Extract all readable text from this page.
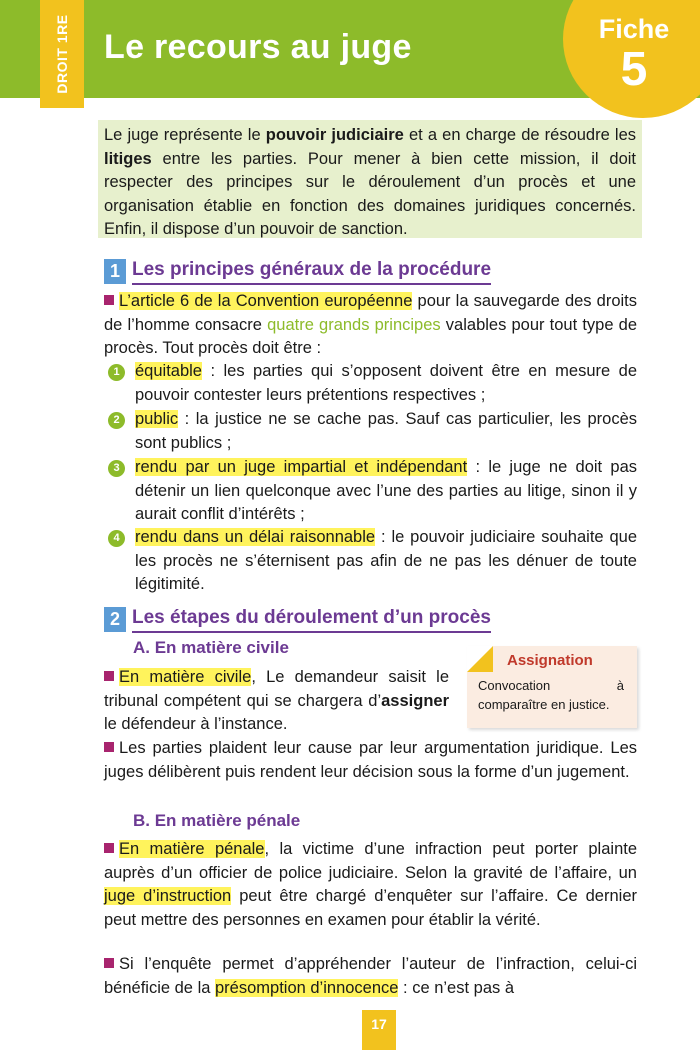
DROIT 1RE Le recours au juge	Fiche
5
Le juge représente le pouvoir judiciaire et a en charge de résoudre les litiges entre les parties. Pour mener à bien cette mission, il doit respecter des principes sur le déroulement d’un procès et une organisation établie en fonction des domaines juridiques concernés. Enfin, il dispose d’un pouvoir de sanction.
1 Les principes généraux de la procédure
L’article 6 de la Convention européenne pour la sauvegarde des droits de l’homme consacre quatre grands principes valables pour tout type de procès. Tout procès doit être :
1 équitable : les parties qui s’opposent doivent être en mesure de pouvoir contester leurs prétentions respectives ;
2 public : la justice ne se cache pas. Sauf cas particulier, les procès sont publics ;
3 rendu par un juge impartial et indépendant : le juge ne doit pas détenir un lien quelconque avec l’une des parties au litige, sinon il y aurait conflit d’intérêts ;
4 rendu dans un délai raisonnable : le pouvoir judiciaire souhaite que les procès ne s’éternisent pas afin de ne pas les dénuer de toute légitimité.
2 Les étapes du déroulement d’un procès
A. En matière civile
En matière civile, Le demandeur saisit le tribunal compétent qui se chargera d’assigner le défendeur à l’instance.
Assignation
Convocation à comparaître en justice.
Les parties plaident leur cause par leur argumentation juridique. Les juges délibèrent puis rendent leur décision sous la forme d’un jugement.
B. En matière pénale
En matière pénale, la victime d’une infraction peut porter plainte auprès d’un officier de police judiciaire. Selon la gravité de l’affaire, un juge d’instruction peut être chargé d’enquêter sur l’affaire. Ce dernier peut mettre des personnes en examen pour établir la vérité.
Si l’enquête permet d’appréhender l’auteur de l’infraction, celui-ci bénéficie de la présomption d’innocence : ce n’est pas à
17
